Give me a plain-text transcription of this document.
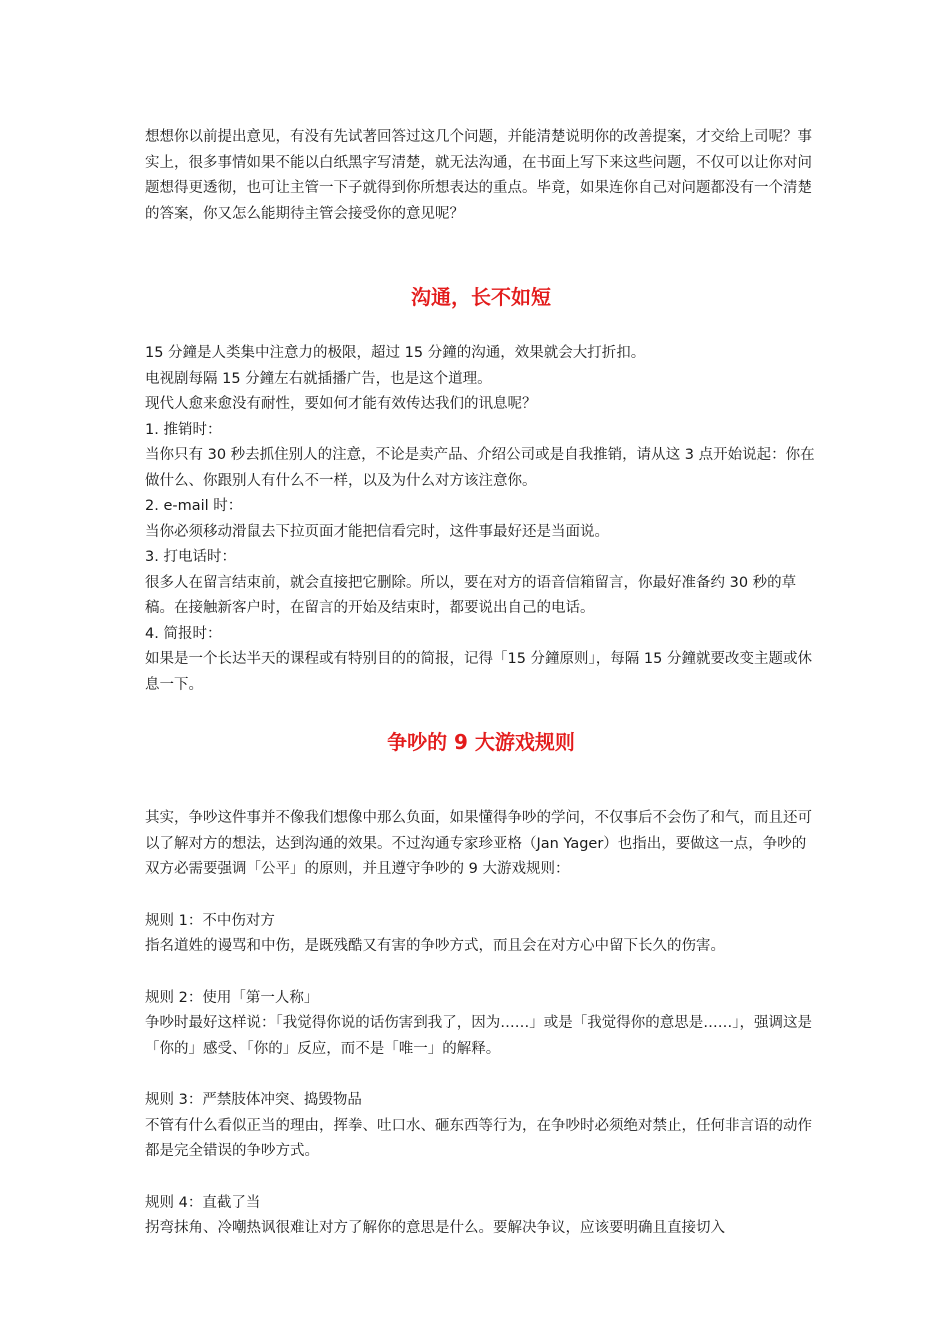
想想你以前提出意见，有没有先试著回答过这几个问题，并能清楚说明你的改善提案，才交给上司呢？事实上，很多事情如果不能以白纸黑字写清楚，就无法沟通，在书面上写下来这些问题，不仅可以让你对问题想得更透彻，也可让主管一下子就得到你所想表达的重点。毕竟，如果连你自己对问题都没有一个清楚的答案，你又怎么能期待主管会接受你的意见呢？

沟通，长不如短

15 分鐘是人类集中注意力的极限，超过 15 分鐘的沟通，效果就会大打折扣。

电视剧每隔 15 分鐘左右就插播广告，也是这个道理。

现代人愈来愈没有耐性，要如何才能有效传达我们的讯息呢？

1. 推销时：

当你只有 30 秒去抓住别人的注意，不论是卖产品、介绍公司或是自我推销，请从这 3 点开始说起：你在做什么、你跟别人有什么不一样，以及为什么对方该注意你。

2. e-mail 时：

当你必须移动滑鼠去下拉页面才能把信看完时，这件事最好还是当面说。

3. 打电话时：

很多人在留言结束前，就会直接把它删除。所以，要在对方的语音信箱留言，你最好准备约 30 秒的草稿。在接触新客户时，在留言的开始及结束时，都要说出自己的电话。

4. 简报时：

如果是一个长达半天的课程或有特别目的的简报，记得「15 分鐘原则」，每隔 15 分鐘就要改变主题或休息一下。

争吵的 9 大游戏规则

其实，争吵这件事并不像我们想像中那么负面，如果懂得争吵的学问，不仅事后不会伤了和气，而且还可以了解对方的想法，达到沟通的效果。不过沟通专家珍亚格（Jan Yager）也指出，要做这一点，争吵的双方必需要强调「公平」的原则，并且遵守争吵的 9 大游戏规则：

规则 1：不中伤对方

指名道姓的谩骂和中伤，是既残酷又有害的争吵方式，而且会在对方心中留下长久的伤害。

规则 2：使用「第一人称」

争吵时最好这样说：「我觉得你说的话伤害到我了，因为……」或是「我觉得你的意思是……」，强调这是「你的」感受、「你的」反应，而不是「唯一」的解释。

规则 3：严禁肢体冲突、捣毁物品

不管有什么看似正当的理由，挥拳、吐口水、砸东西等行为，在争吵时必须绝对禁止，任何非言语的动作都是完全错误的争吵方式。

规则 4：直截了当

拐弯抹角、冷嘲热讽很难让对方了解你的意思是什么。要解决争议，应该要明确且直接切入
